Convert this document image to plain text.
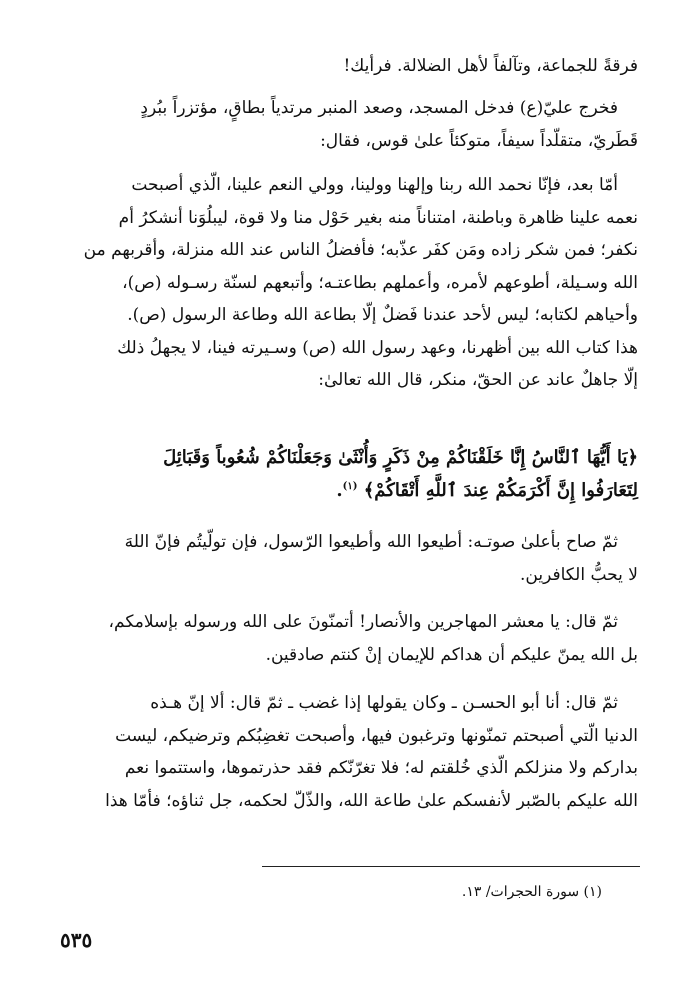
فرقةً للجماعة، وتآلفاً لأهل الضلالة. فرأيك!
فخرج عليّ(ع) فدخل المسجد، وصعد المنبر مرتدياً بطاقٍ، مؤتزراً ببُردٍ
قَطَريّ، متقلّداً سيفاً، متوكئاً علىٰ قوس، فقال:
أمّا بعد، فإنّا نحمد الله ربنا وإلهنا وولينا، وولي النعم علينا، الّذي أصبحت
نعمه علينا ظاهرة وباطنة، امتناناً منه بغير حَوْل منا ولا قوة، ليبلُوَنا أنشكرُ أم
نكفر؛ فمن شكر زاده ومَن كفَر عذّبه؛ فأفضلُ الناس عند الله منزلة، وأقربهم من
الله وسـيلة، أطوعهم لأمره، وأعملهم بطاعتـه؛ وأتبعهم لسنّة رسـوله (ص)،
وأحياهم لكتابه؛ ليس لأحد عندنا فَضلٌ إلّا بطاعة الله وطاعة الرسول (ص).
هذا كتاب الله بين أظهرنا، وعهد رسول الله (ص) وسـيرته فينا، لا يجهلُ ذلك
إلّا جاهلٌ عاند عن الحقّ، منكر، قال الله تعالىٰ:
﴿يَا أَيُّهَا ٱلنَّاسُ إِنَّا خَلَقْنَاكُمْ مِنْ ذَكَرٍ وَأُنْثَىٰ وَجَعَلْنَاكُمْ شُعُوباً وَقَبَائِلَ
لِتَعَارَفُوا إِنَّ أَكْرَمَكُمْ عِندَ ٱللَّهِ أَتْقَاكُمْ﴾ $^{(١)}$.
ثمّ صاح بأعلىٰ صوتـه: أطيعوا الله وأطيعوا الرّسول، فإن تولّيتُم فإنّ اللهَ
لا يحبُّ الكافرين.
ثمّ قال: يا معشر المهاجرين والأنصار! أتمنّونَ على الله ورسوله بإسلامكم،
بل الله يمنّ عليكم أن هداكم للإيمان إنْ كنتم صادقين.
ثمّ قال: أنا أبو الحسـن ـ وكان يقولها إذا غضب ـ ثمّ قال: ألا إنّ هـذه
الدنيا الّتي أصبحتم تمنّونها وترغبون فيها، وأصبحت تغضِبُكم وترضيكم، ليست
بداركم ولا منزلكم الّذي خُلقتم له؛ فلا تغرّنّكم فقد حذرتموها، واستتموا نعم
الله عليكم بالصّبر لأنفسكم علىٰ طاعة الله، والذّلّ لحكمه، جل ثناؤه؛ فأمّا هذا
(١) سورة الحجرات/ ١٣.
٥٣٥
